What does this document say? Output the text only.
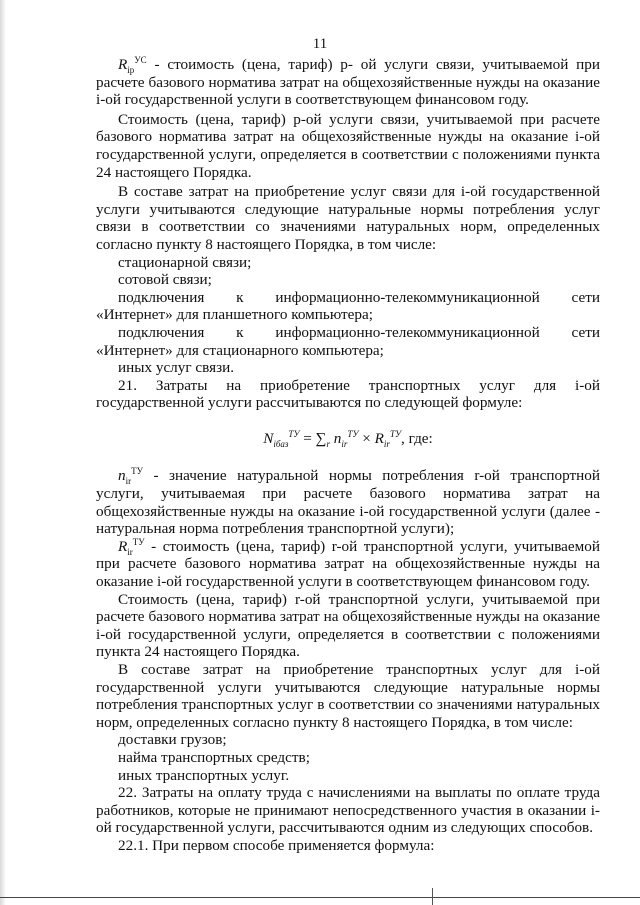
11

$R_{ip}^{УС}$ - стоимость (цена, тариф) p- ой услуги связи, учитываемой при расчете базового норматива затрат на общехозяйственные нужды на оказание i-ой государственной услуги в соответствующем финансовом году.

Стоимость (цена, тариф) p-ой услуги связи, учитываемой при расчете базового норматива затрат на общехозяйственные нужды на оказание i-ой государственной услуги, определяется в соответствии с положениями пункта 24 настоящего Порядка.

В составе затрат на приобретение услуг связи для i-ой государственной услуги учитываются следующие натуральные нормы потребления услуг связи в соответствии со значениями натуральных норм, определенных согласно пункту 8 настоящего Порядка, в том числе:

стационарной связи;

сотовой связи;

подключения к информационно-телекоммуникационной сети

«Интернет» для планшетного компьютера;

подключения к информационно-телекоммуникационной сети

«Интернет» для стационарного компьютера;

иных услуг связи.

21. Затраты на приобретение транспортных услуг для i-ой государственной услуги рассчитываются по следующей формуле:

$N_{iбаз}^{ТУ} = \sum_r$ $n_{ir}^{ТУ} \times R_{ir}^{ТУ}$, где:

$n_{ir}^{ТУ}$ - значение натуральной нормы потребления r-ой транспортной услуги, учитываемая при расчете базового норматива затрат на общехозяйственные нужды на оказание i-ой государственной услуги (далее - натуральная норма потребления транспортной услуги);

$R_{ir}^{ТУ}$ - стоимость (цена, тариф) r-ой транспортной услуги, учитываемой при расчете базового норматива затрат на общехозяйственные нужды на оказание i-ой государственной услуги в соответствующем финансовом году.

Стоимость (цена, тариф) r-ой транспортной услуги, учитываемой при расчете базового норматива затрат на общехозяйственные нужды на оказание i-ой государственной услуги, определяется в соответствии с положениями пункта 24 настоящего Порядка.

В составе затрат на приобретение транспортных услуг для i-ой государственной услуги учитываются следующие натуральные нормы потребления транспортных услуг в соответствии со значениями натуральных норм, определенных согласно пункту 8 настоящего Порядка, в том числе:

доставки грузов;

найма транспортных средств;

иных транспортных услуг.

22. Затраты на оплату труда с начислениями на выплаты по оплате труда работников, которые не принимают непосредственного участия в оказании i-ой государственной услуги, рассчитываются одним из следующих способов.

22.1. При первом способе применяется формула:
